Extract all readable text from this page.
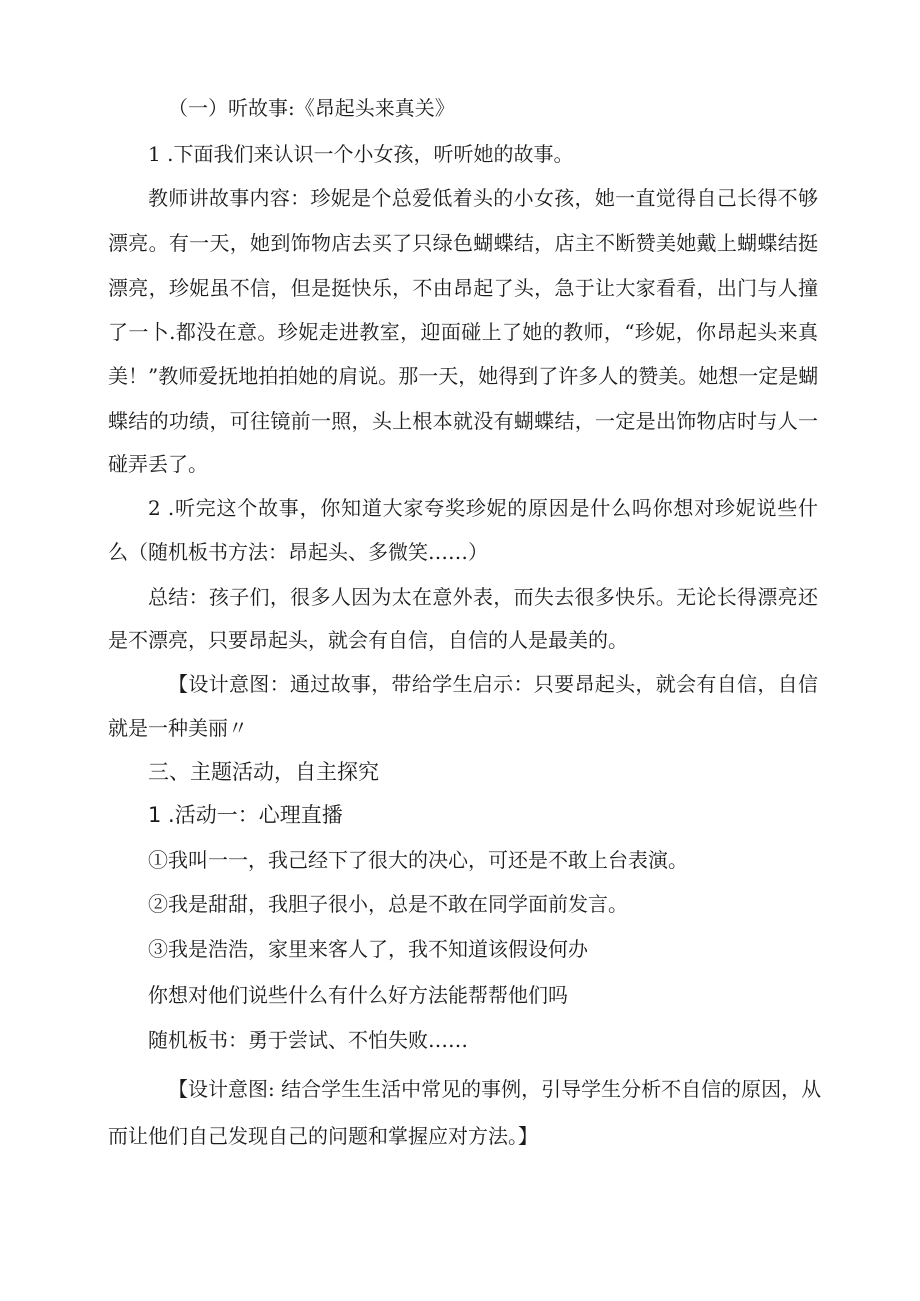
（一）听故事:《昂起头来真关》
1 .下面我们来认识一个小女孩，听听她的故事。
教师讲故事内容：珍妮是个总爱低着头的小女孩，她一直觉得自己长得不够
漂亮。有一天，她到饰物店去买了只绿色蝴蝶结，店主不断赞美她戴上蝴蝶结挺
漂亮，珍妮虽不信，但是挺快乐，不由昂起了头，急于让大家看看，出门与人撞
了一卜.都没在意。珍妮走进教室，迎面碰上了她的教师，“珍妮，你昂起头来真
美！”教师爱抚地拍拍她的肩说。那一天，她得到了许多人的赞美。她想一定是蝴
蝶结的功绩，可往镜前一照，头上根本就没有蝴蝶结，一定是出饰物店时与人一
碰弄丢了。
2 .听完这个故事，你知道大家夸奖珍妮的原因是什么吗你想对珍妮说些什
么（随机板书方法：昂起头、多微笑……）
总结：孩子们，很多人因为太在意外表，而失去很多快乐。无论长得漂亮还
是不漂亮，只要昂起头，就会有自信，自信的人是最美的。
【设计意图：通过故事，带给学生启示：只要昂起头，就会有自信，自信
就是一种美丽〃
三、主题活动，自主探究
1 .活动一：心理直播
①我叫一一，我己经下了很大的决心，可还是不敢上台表演。
②我是甜甜，我胆子很小，总是不敢在同学面前发言。
③我是浩浩，家里来客人了，我不知道该假设何办
你想对他们说些什么有什么好方法能帮帮他们吗
随机板书：勇于尝试、不怕失败……
【设计意图: 结合学生生活中常见的事例，引导学生分析不自信的原因，从
而让他们自己发现自己的问题和掌握应对方法。】
